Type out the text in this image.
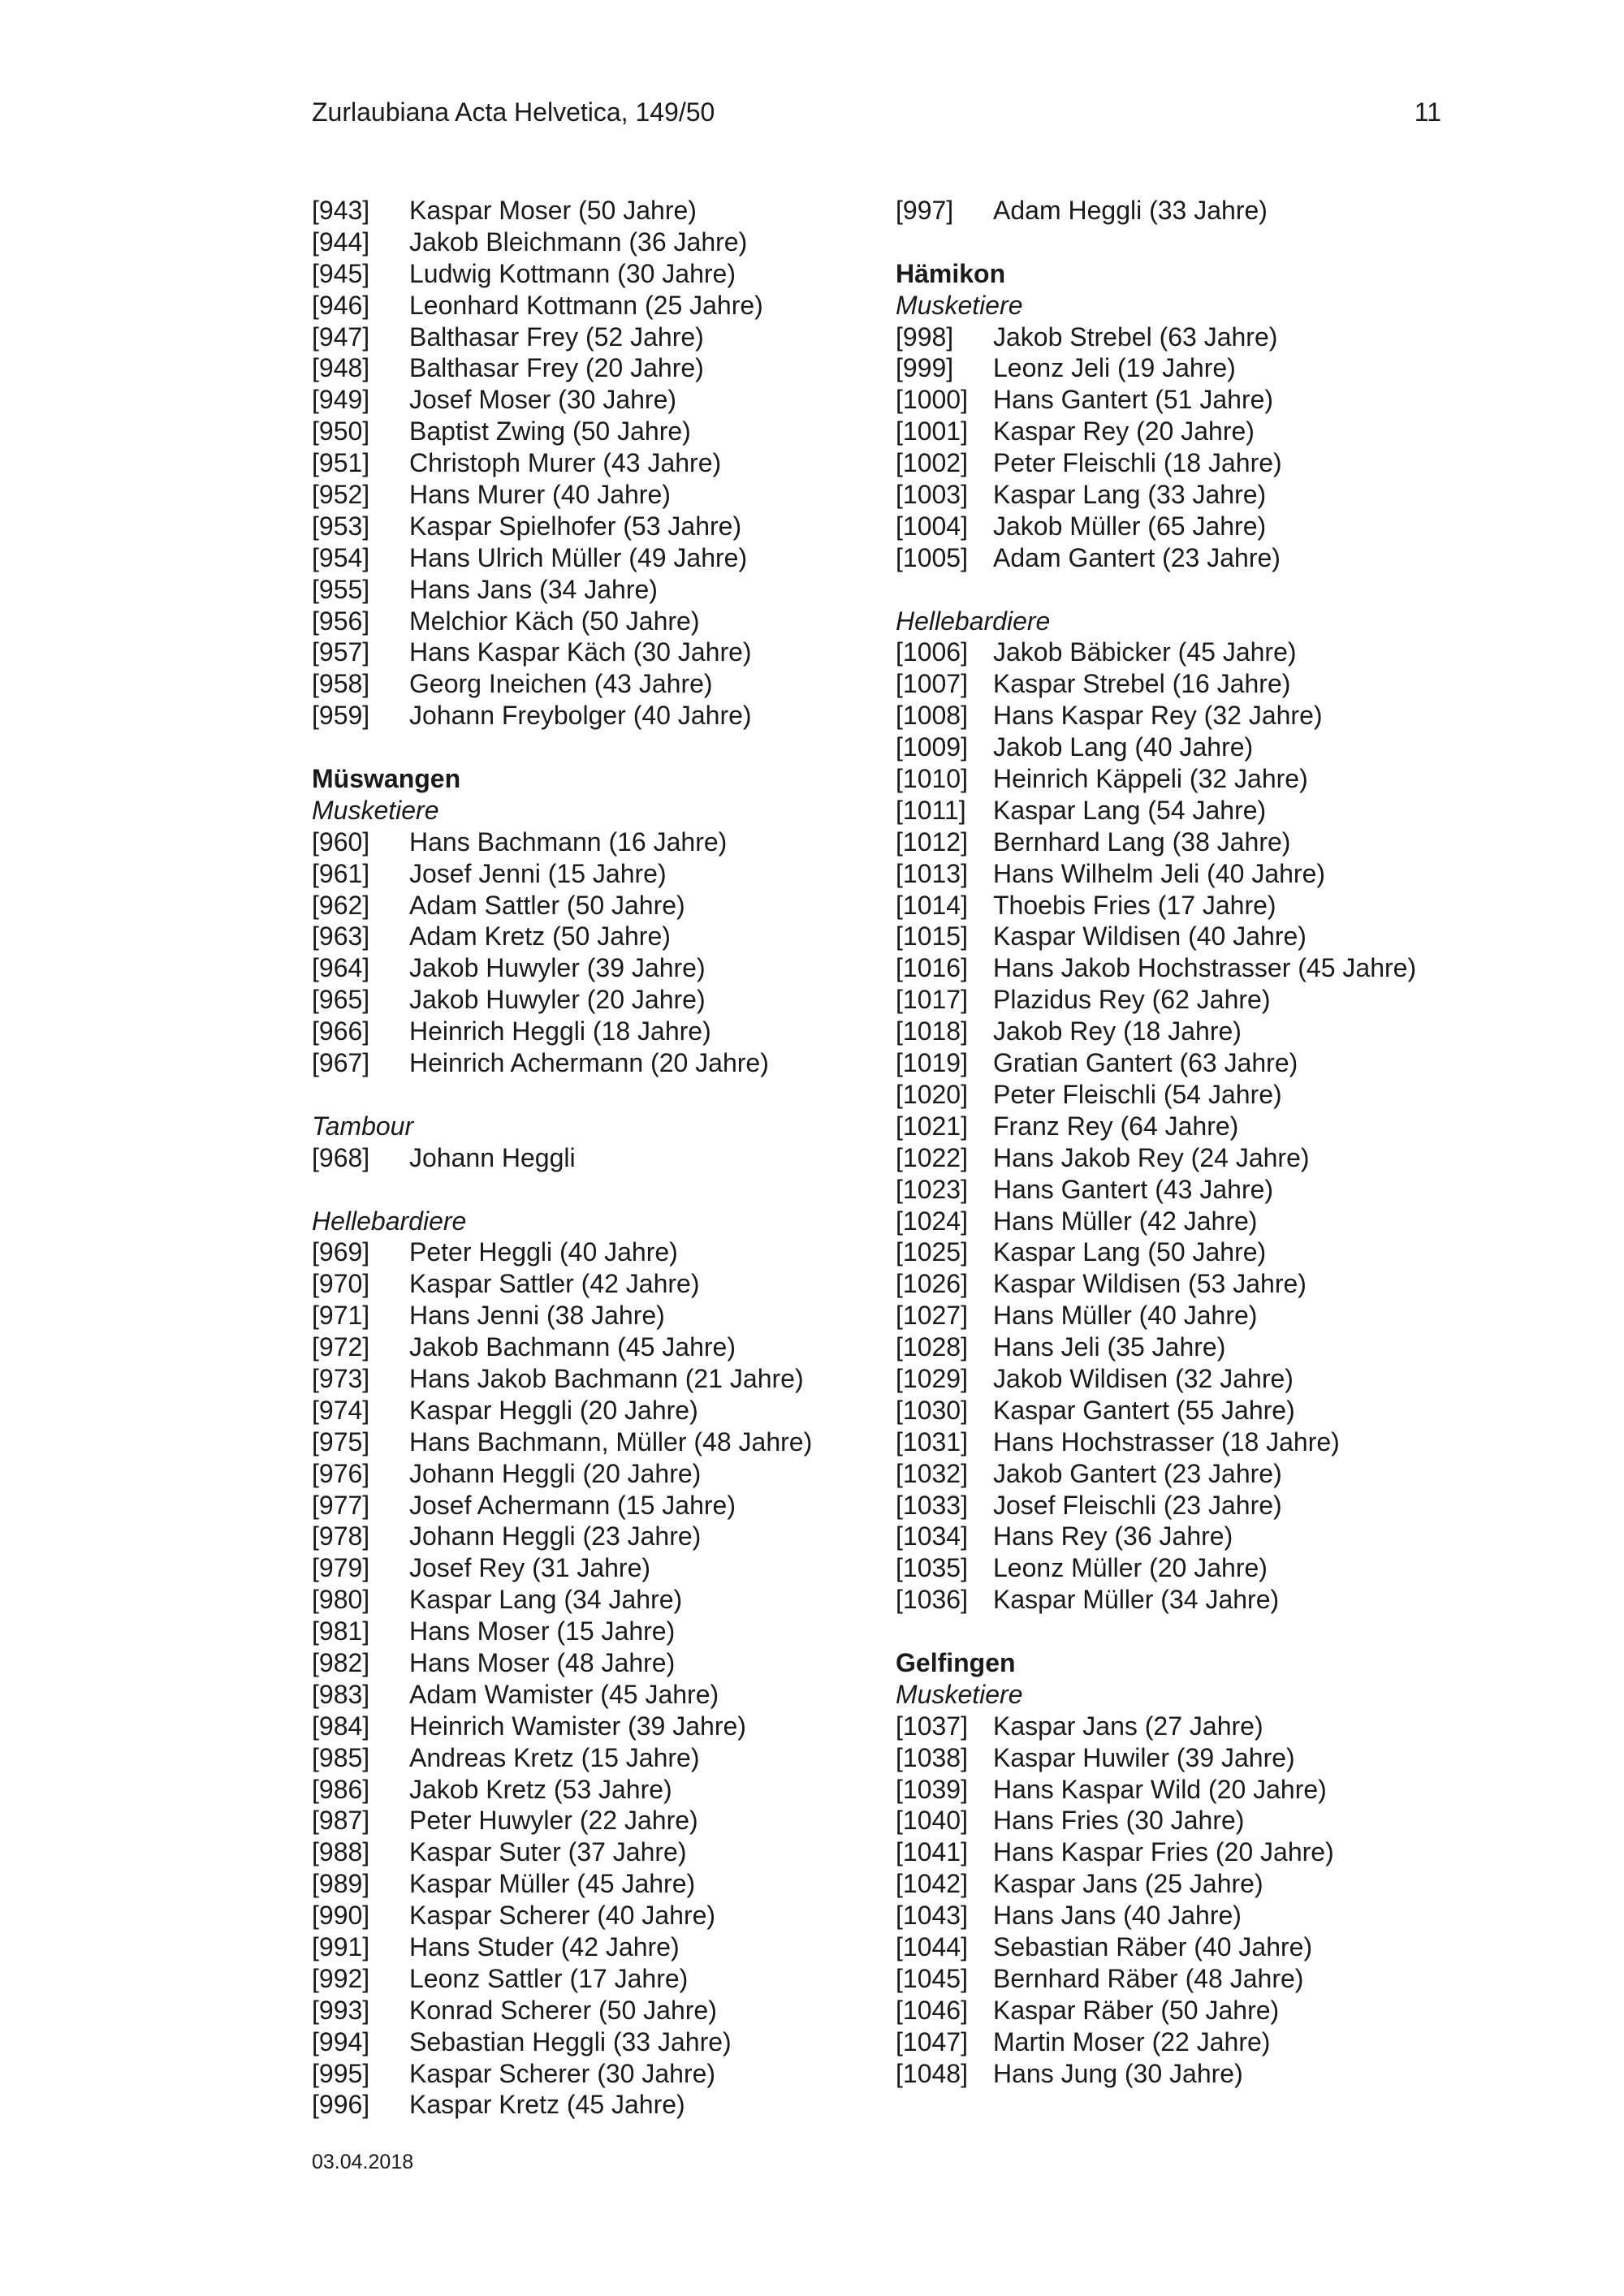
Zurlaubiana Acta Helvetica, 149/50	11
[943]	Kaspar Moser (50 Jahre)
[944]	Jakob Bleichmann (36 Jahre)
[945]	Ludwig Kottmann (30 Jahre)
[946]	Leonhard Kottmann (25 Jahre)
[947]	Balthasar Frey (52 Jahre)
[948]	Balthasar Frey (20 Jahre)
[949]	Josef Moser (30 Jahre)
[950]	Baptist Zwing (50 Jahre)
[951]	Christoph Murer (43 Jahre)
[952]	Hans Murer (40 Jahre)
[953]	Kaspar Spielhofer (53 Jahre)
[954]	Hans Ulrich Müller (49 Jahre)
[955]	Hans Jans (34 Jahre)
[956]	Melchior Käch (50 Jahre)
[957]	Hans Kaspar Käch (30 Jahre)
[958]	Georg Ineichen (43 Jahre)
[959]	Johann Freybolger (40 Jahre)
Müswangen
Musketiere
[960]	Hans Bachmann (16 Jahre)
[961]	Josef Jenni (15 Jahre)
[962]	Adam Sattler (50 Jahre)
[963]	Adam Kretz (50 Jahre)
[964]	Jakob Huwyler (39 Jahre)
[965]	Jakob Huwyler (20 Jahre)
[966]	Heinrich Heggli (18 Jahre)
[967]	Heinrich Achermann (20 Jahre)
Tambour
[968]	Johann Heggli
Hellebardiere
[969]	Peter Heggli (40 Jahre)
[970]	Kaspar Sattler (42 Jahre)
[971]	Hans Jenni (38 Jahre)
[972]	Jakob Bachmann (45 Jahre)
[973]	Hans Jakob Bachmann (21 Jahre)
[974]	Kaspar Heggli (20 Jahre)
[975]	Hans Bachmann, Müller (48 Jahre)
[976]	Johann Heggli (20 Jahre)
[977]	Josef Achermann (15 Jahre)
[978]	Johann Heggli (23 Jahre)
[979]	Josef Rey (31 Jahre)
[980]	Kaspar Lang (34 Jahre)
[981]	Hans Moser (15 Jahre)
[982]	Hans Moser (48 Jahre)
[983]	Adam Wamister (45 Jahre)
[984]	Heinrich Wamister (39 Jahre)
[985]	Andreas Kretz (15 Jahre)
[986]	Jakob Kretz (53 Jahre)
[987]	Peter Huwyler (22 Jahre)
[988]	Kaspar Suter (37 Jahre)
[989]	Kaspar Müller (45 Jahre)
[990]	Kaspar Scherer (40 Jahre)
[991]	Hans Studer (42 Jahre)
[992]	Leonz Sattler (17 Jahre)
[993]	Konrad Scherer (50 Jahre)
[994]	Sebastian Heggli (33 Jahre)
[995]	Kaspar Scherer (30 Jahre)
[996]	Kaspar Kretz (45 Jahre)
[997]	Adam Heggli (33 Jahre)
Hämikon
Musketiere
[998]	Jakob Strebel (63 Jahre)
[999]	Leonz Jeli (19 Jahre)
[1000] Hans Gantert (51 Jahre)
[1001] Kaspar Rey (20 Jahre)
[1002] Peter Fleischli (18 Jahre)
[1003] Kaspar Lang (33 Jahre)
[1004] Jakob Müller (65 Jahre)
[1005] Adam Gantert (23 Jahre)
Hellebardiere
[1006] Jakob Bäbicker (45 Jahre)
[1007] Kaspar Strebel (16 Jahre)
[1008] Hans Kaspar Rey (32 Jahre)
[1009] Jakob Lang (40 Jahre)
[1010] Heinrich Käppeli (32 Jahre)
[1011]	Kaspar Lang (54 Jahre)
[1012] Bernhard Lang (38 Jahre)
[1013] Hans Wilhelm Jeli (40 Jahre)
[1014] Thoebis Fries (17 Jahre)
[1015] Kaspar Wildisen (40 Jahre)
[1016] Hans Jakob Hochstrasser (45 Jahre)
[1017] Plazidus Rey (62 Jahre)
[1018] Jakob Rey (18 Jahre)
[1019] Gratian Gantert (63 Jahre)
[1020] Peter Fleischli (54 Jahre)
[1021] Franz Rey (64 Jahre)
[1022] Hans Jakob Rey (24 Jahre)
[1023] Hans Gantert (43 Jahre)
[1024] Hans Müller (42 Jahre)
[1025] Kaspar Lang (50 Jahre)
[1026] Kaspar Wildisen (53 Jahre)
[1027] Hans Müller (40 Jahre)
[1028] Hans Jeli (35 Jahre)
[1029] Jakob Wildisen (32 Jahre)
[1030] Kaspar Gantert (55 Jahre)
[1031] Hans Hochstrasser (18 Jahre)
[1032] Jakob Gantert (23 Jahre)
[1033] Josef Fleischli (23 Jahre)
[1034] Hans Rey (36 Jahre)
[1035] Leonz Müller (20 Jahre)
[1036] Kaspar Müller (34 Jahre)
Gelfingen
Musketiere
[1037] Kaspar Jans (27 Jahre)
[1038] Kaspar Huwiler (39 Jahre)
[1039] Hans Kaspar Wild (20 Jahre)
[1040] Hans Fries (30 Jahre)
[1041] Hans Kaspar Fries (20 Jahre)
[1042] Kaspar Jans (25 Jahre)
[1043] Hans Jans (40 Jahre)
[1044] Sebastian Räber (40 Jahre)
[1045] Bernhard Räber (48 Jahre)
[1046] Kaspar Räber (50 Jahre)
[1047] Martin Moser (22 Jahre)
[1048] Hans Jung (30 Jahre)
03.04.2018
